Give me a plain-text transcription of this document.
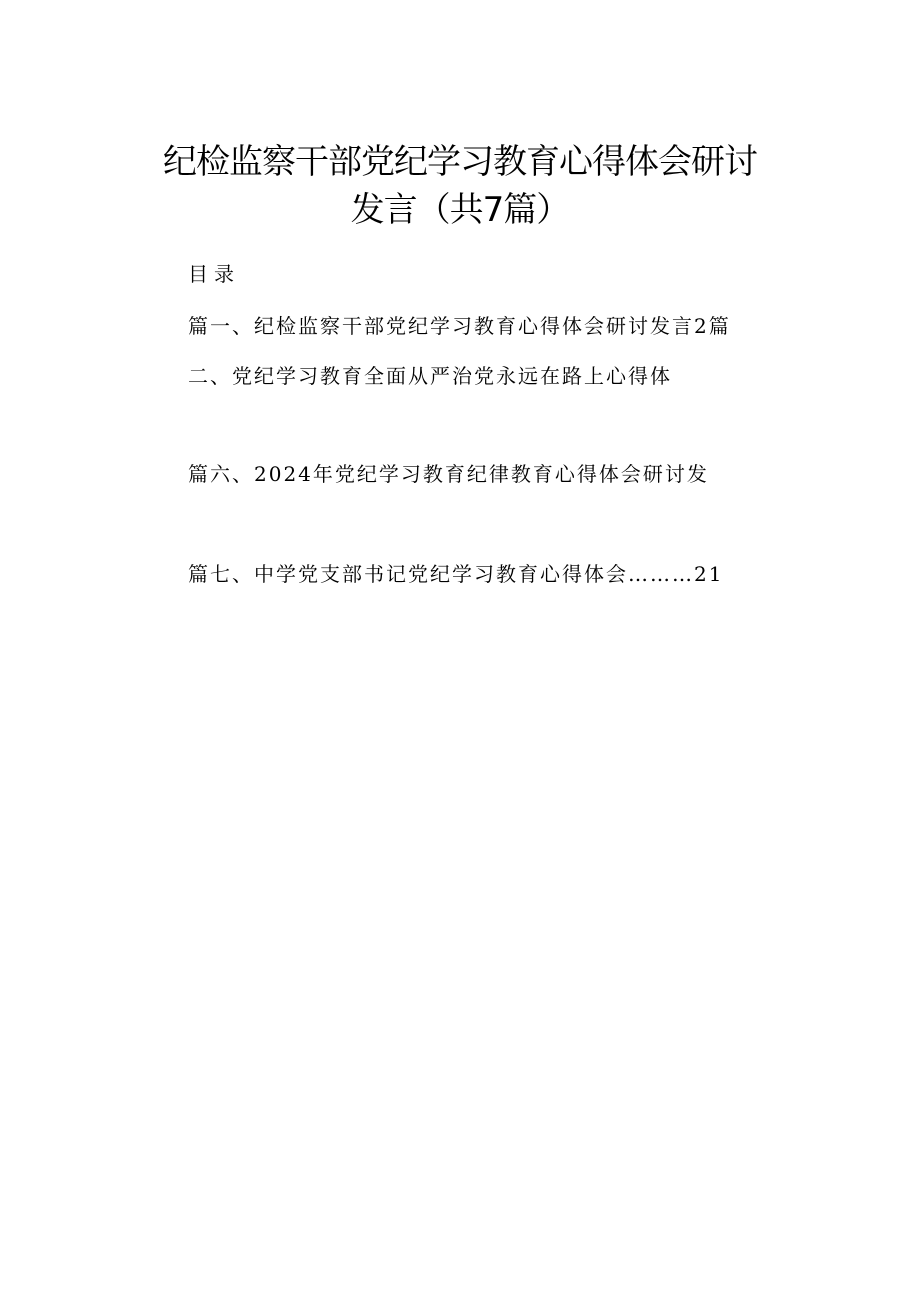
纪检监察干部党纪学习教育心得体会研讨
发言（共7篇）
目录
篇一、纪检监察干部党纪学习教育心得体会研讨发言2篇
二、党纪学习教育全面从严治党永远在路上心得体
篇六、2024年党纪学习教育纪律教育心得体会研讨发
篇七、中学党支部书记党纪学习教育心得体会………21
